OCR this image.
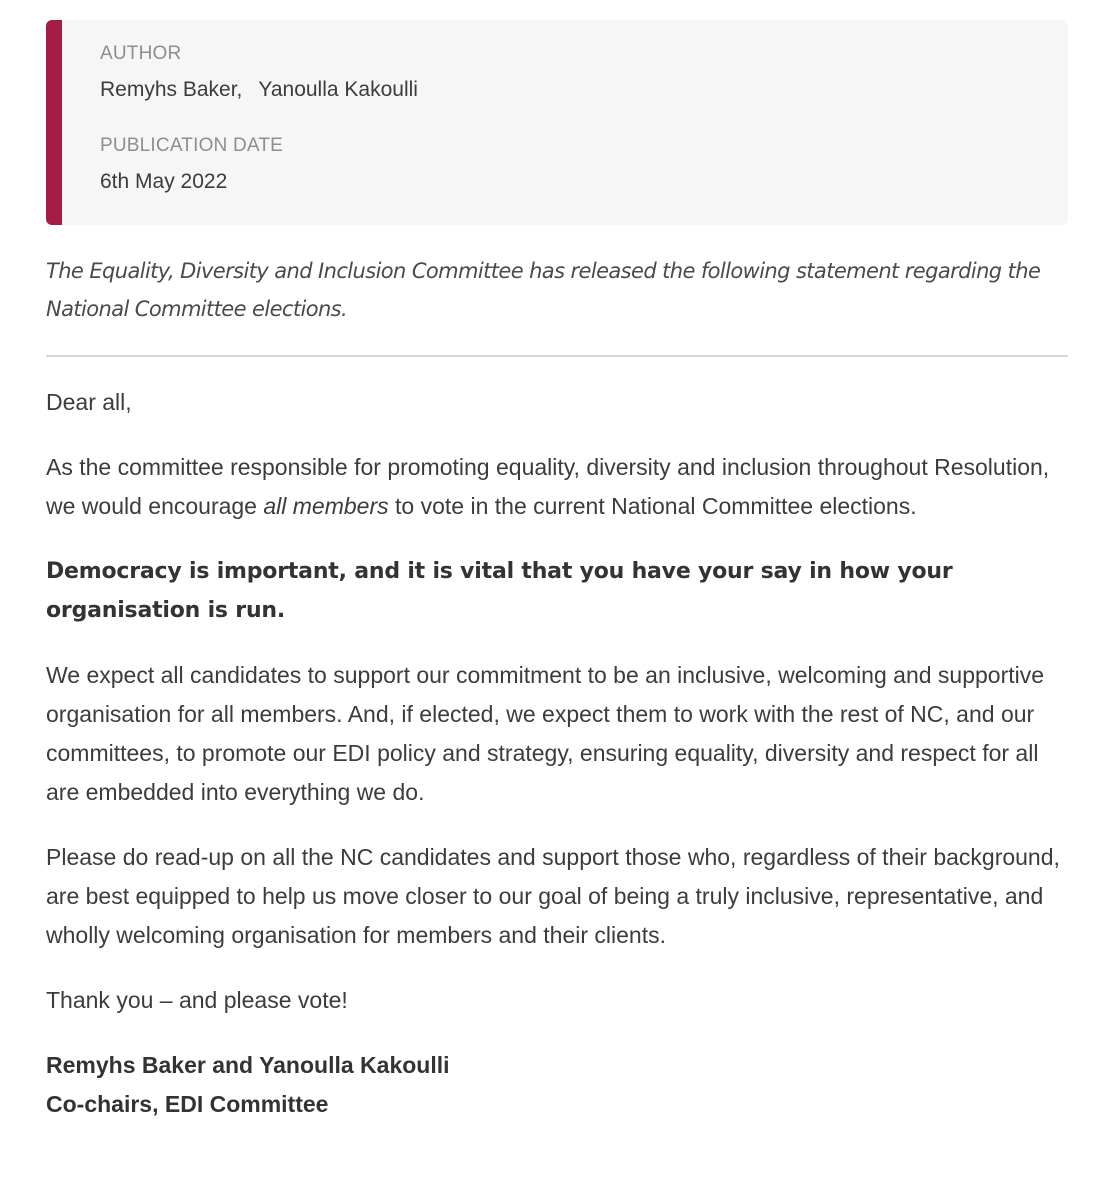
AUTHOR

Remyhs Baker, Yanoulla Kakoulli

PUBLICATION DATE

6th May 2022

The Equality, Diversity and Inclusion Committee has released the following statement regarding the National Committee elections.

Dear all,

As the committee responsible for promoting equality, diversity and inclusion throughout Resolution, we would encourage all members to vote in the current National Committee elections.

Democracy is important, and it is vital that you have your say in how your organisation is run.

We expect all candidates to support our commitment to be an inclusive, welcoming and supportive organisation for all members. And, if elected, we expect them to work with the rest of NC, and our committees, to promote our EDI policy and strategy, ensuring equality, diversity and respect for all are embedded into everything we do.

Please do read-up on all the NC candidates and support those who, regardless of their background, are best equipped to help us move closer to our goal of being a truly inclusive, representative, and wholly welcoming organisation for members and their clients.

Thank you – and please vote!

Remyhs Baker and Yanoulla Kakoulli
Co-chairs, EDI Committee
